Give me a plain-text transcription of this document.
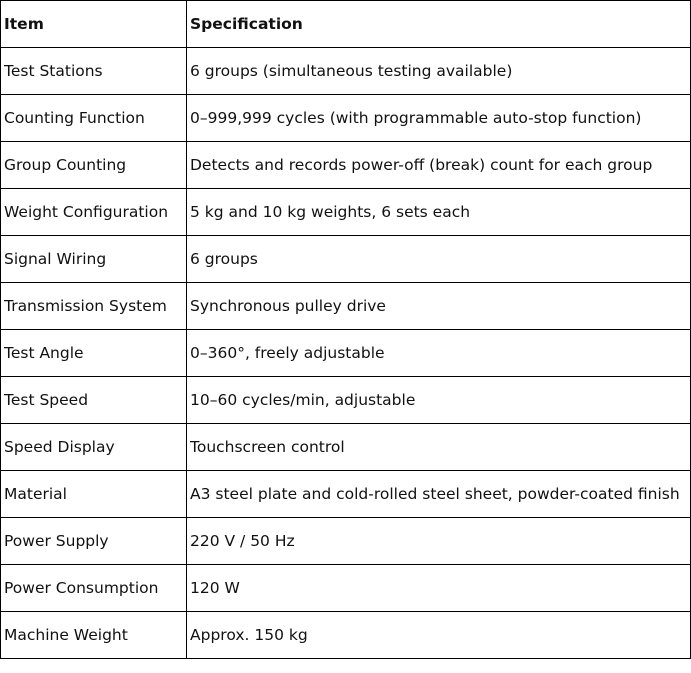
Item	Specification
Test Stations	6 groups (simultaneous testing available)
Counting Function	0–999,999 cycles (with programmable auto-stop function)
Group Counting	Detects and records power-off (break) count for each group
Weight Configuration	5 kg and 10 kg weights, 6 sets each
Signal Wiring	6 groups
Transmission System	Synchronous pulley drive
Test Angle	0–360°, freely adjustable
Test Speed	10–60 cycles/min, adjustable
Speed Display	Touchscreen control
Material	A3 steel plate and cold-rolled steel sheet, powder-coated finish
Power Supply	220 V / 50 Hz
Power Consumption	120 W
Machine Weight	Approx. 150 kg
